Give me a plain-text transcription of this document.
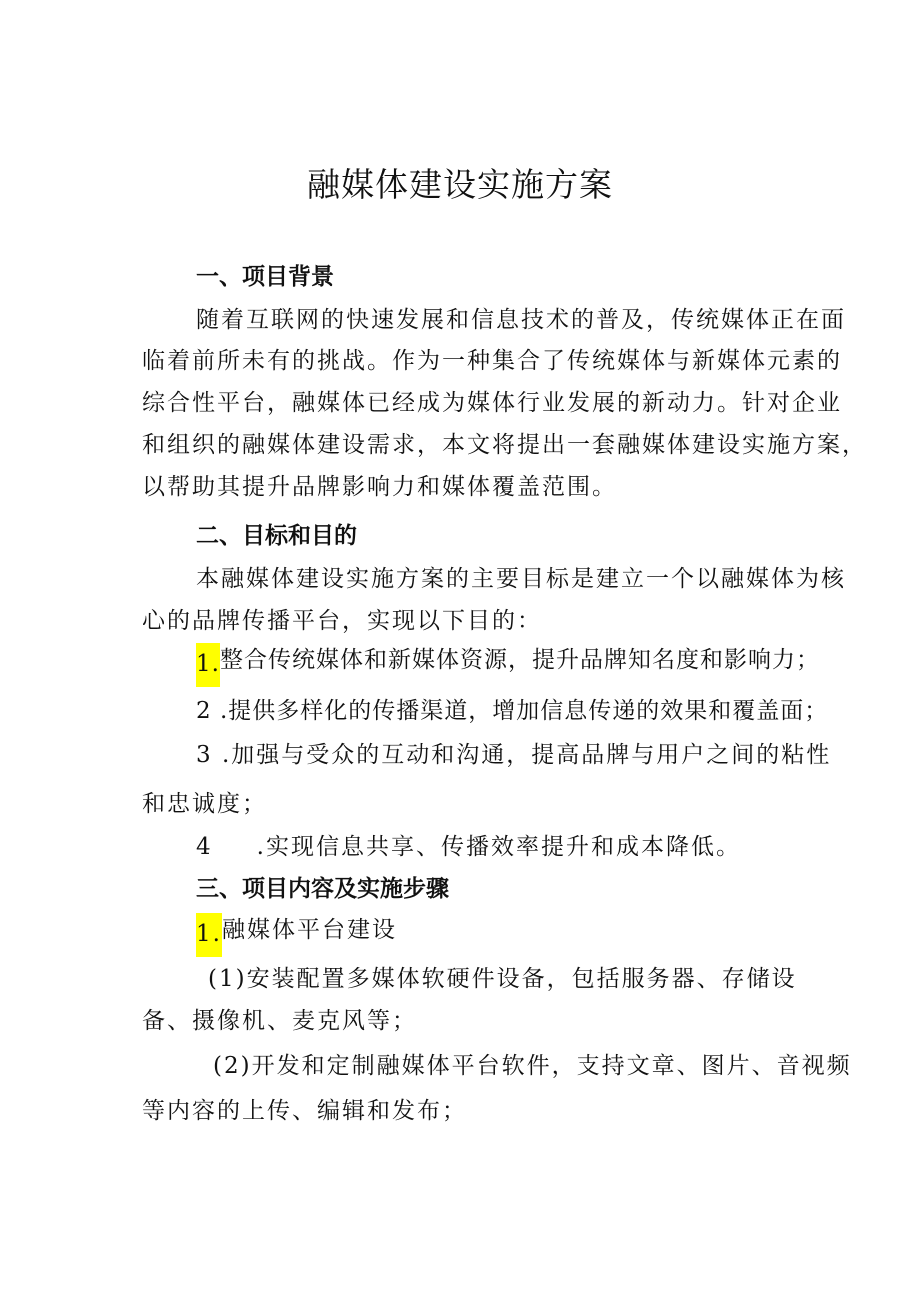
融媒体建设实施方案
一、项目背景
随着互联网的快速发展和信息技术的普及，传统媒体正在面
临着前所未有的挑战。作为一种集合了传统媒体与新媒体元素的
综合性平台，融媒体已经成为媒体行业发展的新动力。针对企业
和组织的融媒体建设需求，本文将提出一套融媒体建设实施方案，
以帮助其提升品牌影响力和媒体覆盖范围。
二、目标和目的
本融媒体建设实施方案的主要目标是建立一个以融媒体为核
心的品牌传播平台，实现以下目的：
1.整合传统媒体和新媒体资源，提升品牌知名度和影响力；
2 .提供多样化的传播渠道，增加信息传递的效果和覆盖面；
3 .加强与受众的互动和沟通，提高品牌与用户之间的粘性
和忠诚度；
4 .实现信息共享、传播效率提升和成本降低。
三、项目内容及实施步骤
1.融媒体平台建设
(1)安装配置多媒体软硬件设备，包括服务器、存储设
备、摄像机、麦克风等；
(2)开发和定制融媒体平台软件，支持文章、图片、音视频
等内容的上传、编辑和发布；
